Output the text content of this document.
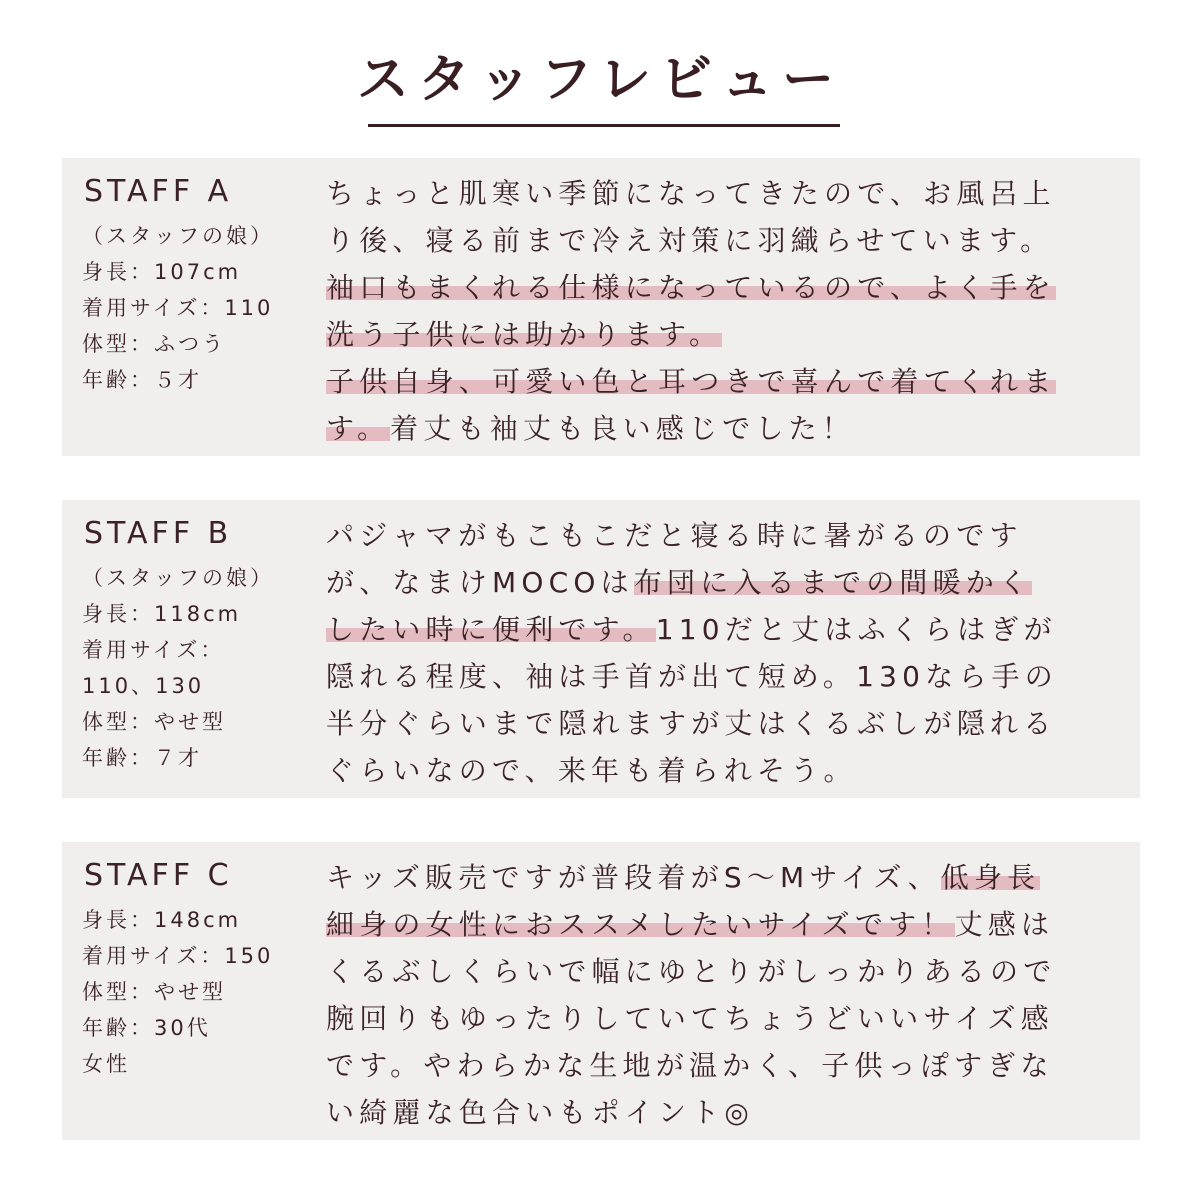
スタッフレビュー
STAFF A
（スタッフの娘）
身長：107cm
着用サイズ：110
体型：ふつう
年齢：５才
ちょっと肌寒い季節になってきたので、お風呂上
り後、寝る前まで冷え対策に羽織らせています。
袖口もまくれる仕様になっているので、よく手を
洗う子供には助かります。
子供自身、可愛い色と耳つきで喜んで着てくれま
す。着丈も袖丈も良い感じでした！
STAFF B
（スタッフの娘）
身長：118cm
着用サイズ：
110、130
体型：やせ型
年齢：７才
パジャマがもこもこだと寝る時に暑がるのです
が、なまけMOCOは布団に入るまでの間暖かく
したい時に便利です。110だと丈はふくらはぎが
隠れる程度、袖は手首が出て短め。130なら手の
半分ぐらいまで隠れますが丈はくるぶしが隠れる
ぐらいなので、来年も着られそう。
STAFF C
身長：148cm
着用サイズ：150
体型：やせ型
年齢：30代
女性
キッズ販売ですが普段着がS～Mサイズ、低身長
細身の女性におススメしたいサイズです！丈感は
くるぶしくらいで幅にゆとりがしっかりあるので
腕回りもゆったりしていてちょうどいいサイズ感
です。やわらかな生地が温かく、子供っぽすぎな
い綺麗な色合いもポイント◎
